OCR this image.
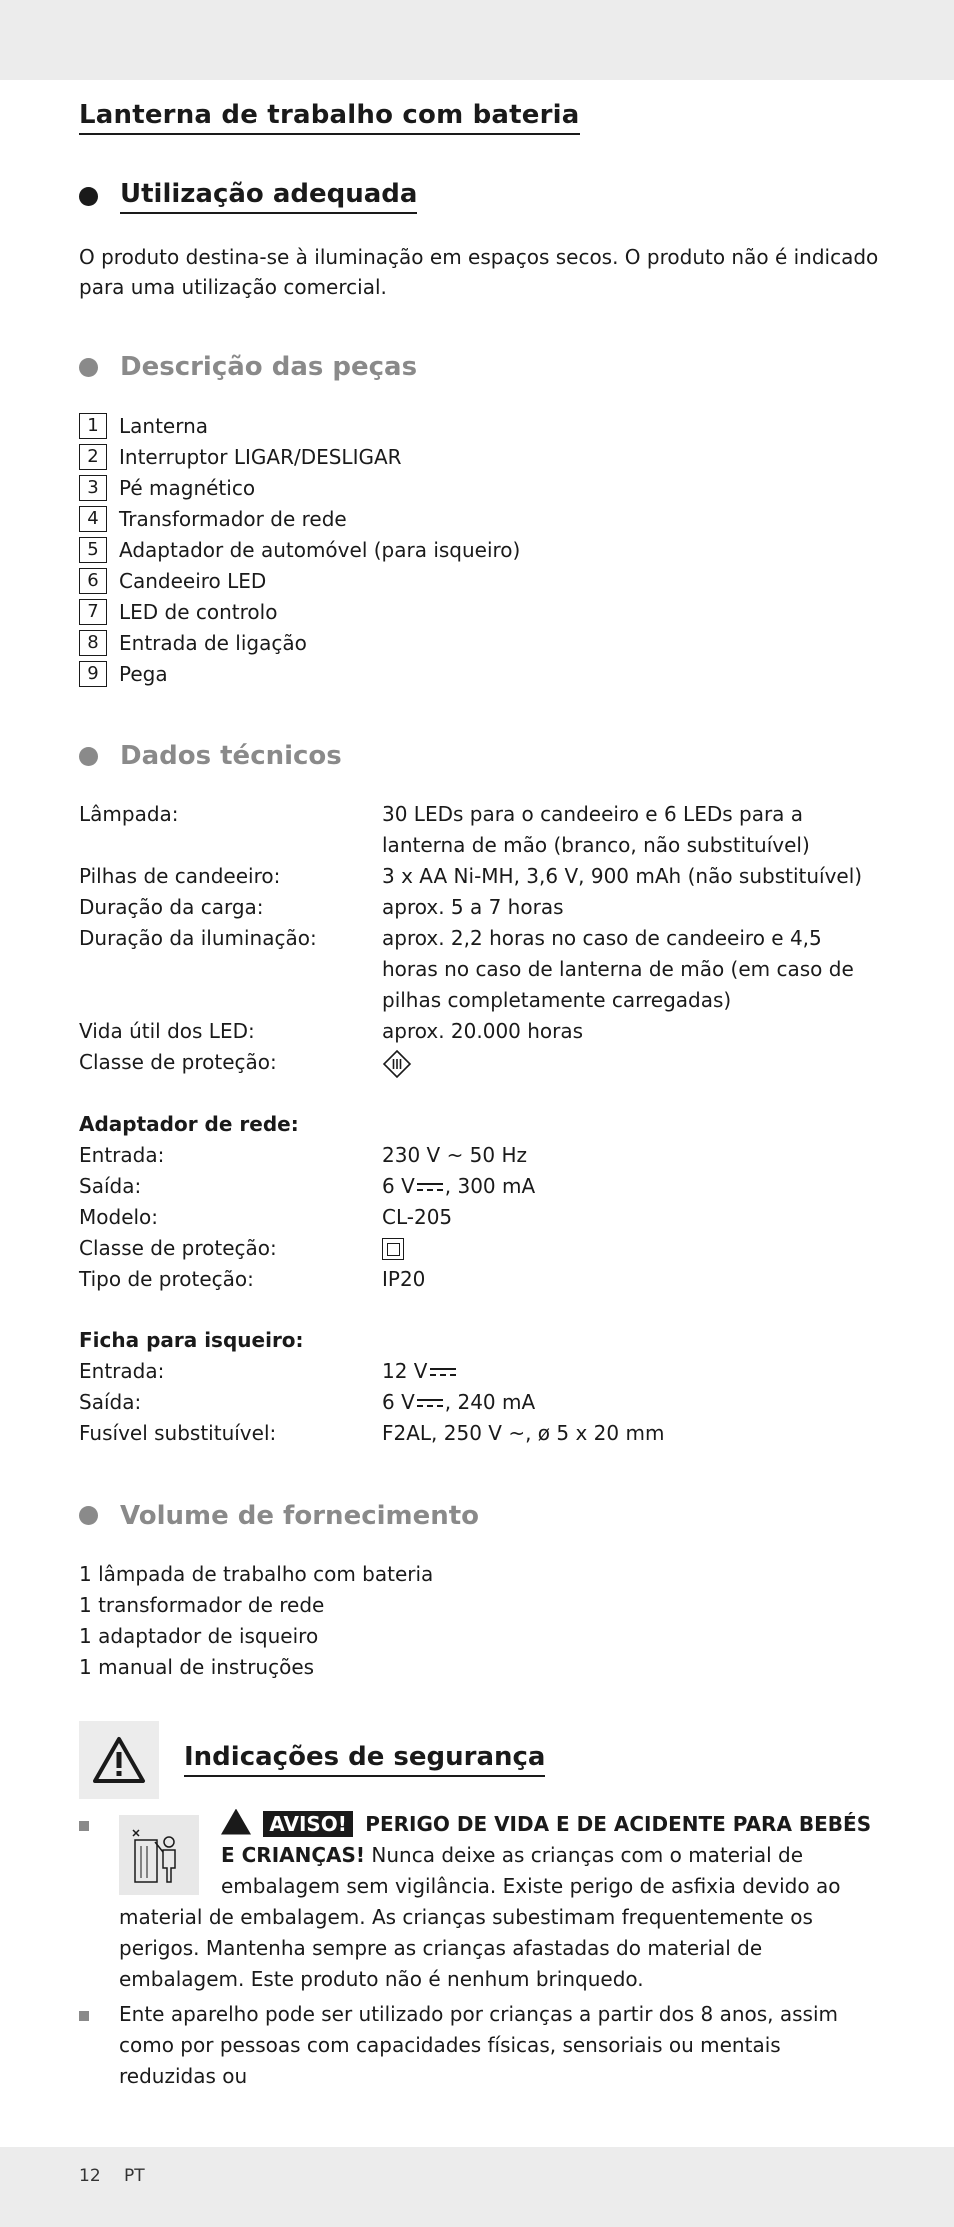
Lanterna de trabalho com bateria
Utilização adequada

O produto destina-se à iluminação em espaços secos. O produto não é indicado para uma utilização comercial.

Descrição das peças
1	Lanterna
2	Interruptor LIGAR/DESLIGAR
3	Pé magnético
4	Transformador de rede
5	Adaptador de automóvel (para isqueiro)
6	Candeeiro LED
7	LED de controlo
8	Entrada de ligação
9	Pega
Dados técnicos
Lâmpada:	30 LEDs para o candeeiro e 6 LEDs para a lanterna de mão (branco, não substituível)
Pilhas de candeeiro:	3 x AA Ni-MH, 3,6 V, 900 mAh (não substituível)
Duração da carga:	aprox. 5 a 7 horas
Duração da iluminação:	aprox. 2,2 horas no caso de candeeiro e 4,5 horas no caso de lanterna de mão (em caso de pilhas completamente carregadas)
Vida útil dos LED:	aprox. 20.000 horas
Classe de proteção:
Adaptador de rede:
Entrada:	230 V ~ 50 Hz
Saída:	6 V , 300 mA
Modelo:	CL-205
Classe de proteção:
Tipo de proteção:	IP20
Ficha para isqueiro:
Entrada:	12 V
Saída:	6 V , 240 mA
Fusível substituível:	F2AL, 250 V ~, ø 5 x 20 mm
Volume de fornecimento
1 lâmpada de trabalho com bateria
1 transformador de rede
1 adaptador de isqueiro
1 manual de instruções
Indicações de segurança
AVISO! PERIGO DE VIDA E DE ACIDENTE PARA BEBÉS E CRIANÇAS! Nunca deixe as crianças com o material de embalagem sem vigilância. Existe perigo de asfixia devido ao material de embalagem. As crianças subestimam frequentemente os perigos. Mantenha sempre as crianças afastadas do material de embalagem. Este produto não é nenhum brinquedo.
Ente aparelho pode ser utilizado por crianças a partir dos 8 anos, assim como por pessoas com capacidades físicas, sensoriais ou mentais reduzidas ou
12 PT
